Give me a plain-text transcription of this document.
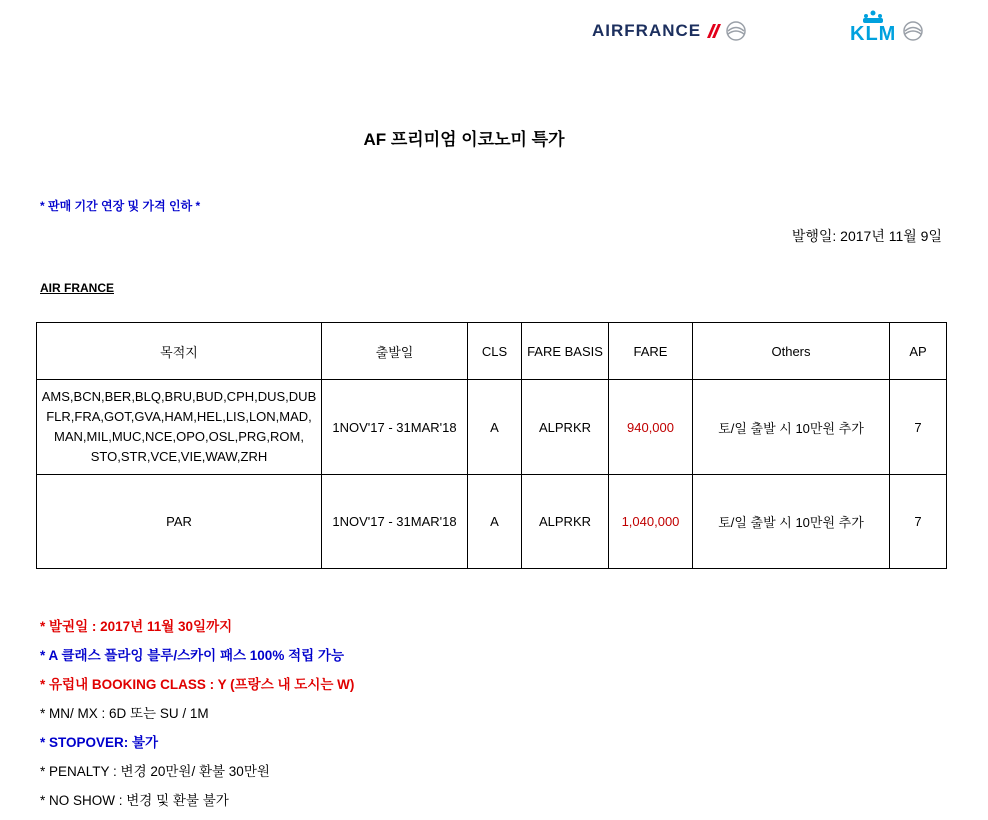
AIRFRANCE	KLM
AF 프리미엄 이코노미 특가
* 판매 기간 연장 및 가격 인하 *
발행일: 2017년 11월 9일
AIR FRANCE
목적지	출발일	CLS	FARE BASIS	FARE	Others	AP

AMS,BCN,BER,BLQ,BRU,BUD,CPH,DUS,DUB
FLR,FRA,GOT,GVA,HAM,HEL,LIS,LON,MAD,
MAN,MIL,MUC,NCE,OPO,OSL,PRG,ROM,
STO,STR,VCE,VIE,WAW,ZRH	1NOV'17 - 31MAR'18	A	ALPRKR	940,000	토/일 출발 시 10만원 추가	7

PAR	1NOV'17 - 31MAR'18	A	ALPRKR	1,040,000	토/일 출발 시 10만원 추가	7
* 발권일 : 2017년 11월 30일까지
* A 클래스 플라잉 블루/스카이 패스 100% 적립 가능
* 유럽내 BOOKING CLASS : Y (프랑스 내 도시는 W)
* MN/ MX : 6D 또는 SU / 1M
* STOPOVER: 불가
* PENALTY : 변경 20만원/ 환불 30만원
* NO SHOW : 변경 및 환불 불가
